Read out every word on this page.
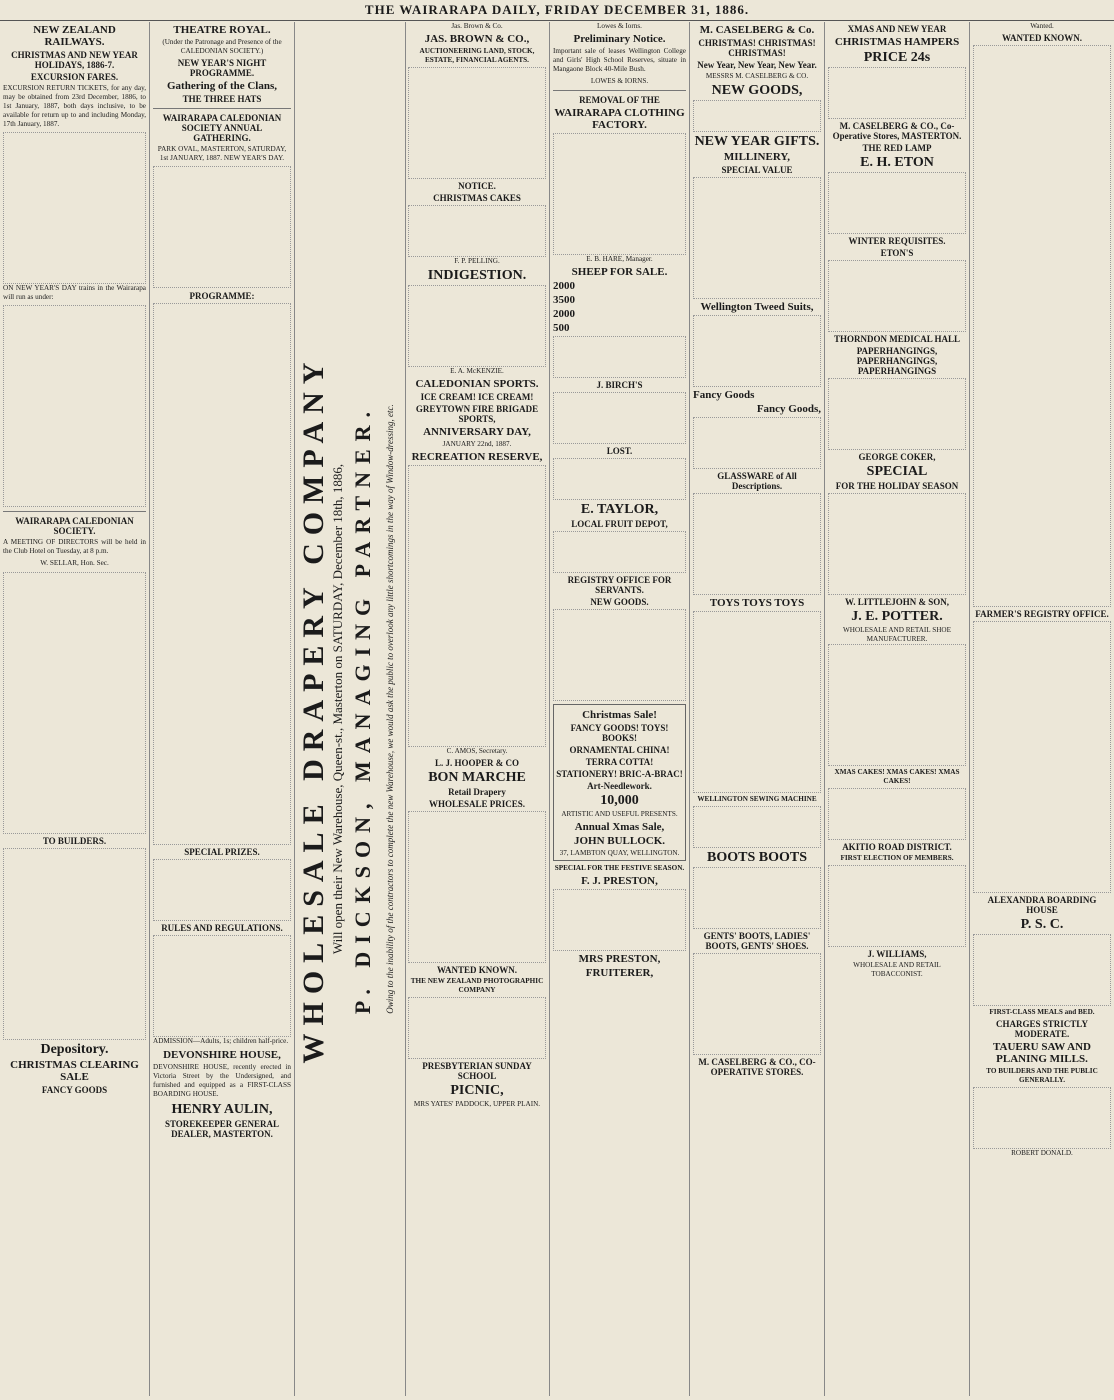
THE WAIRARAPA DAILY, FRIDAY DECEMBER 31, 1886.
NEW ZEALAND RAILWAYS.
CHRISTMAS AND NEW YEAR HOLIDAYS, 1886-7.
EXCURSION FARES.

EXCURSION RETURN TICKETS, for any day, may be obtained from 23rd December, 1886, to 1st January, 1887, both days inclusive, to be available for return up to and including Monday, 17th January, 1887.

ON NEW YEAR'S DAY trains in the Wairarapa will run as under:

WAIRARAPA CALEDONIAN SOCIETY.

A MEETING OF DIRECTORS will be held in the Club Hotel on Tuesday, at 8 p.m.

W. SELLAR, Hon. Sec.
TO BUILDERS.
Depository.
CHRISTMAS CLEARING SALE
FANCY GOODS
THEATRE ROYAL.
(Under the Patronage and Presence of the CALEDONIAN SOCIETY.)
NEW YEAR'S NIGHT PROGRAMME.
Gathering of the Clans,
THE THREE HATS
WAIRARAPA CALEDONIAN SOCIETY ANNUAL GATHERING.
PARK OVAL, MASTERTON, SATURDAY, 1st JANUARY, 1887. NEW YEAR'S DAY.
PROGRAMME:
SPECIAL PRIZES.
RULES AND REGULATIONS.

ADMISSION—Adults, 1s; children half-price.

DEVONSHIRE HOUSE,

DEVONSHIRE HOUSE, recently erected in Victoria Street by the Undersigned, and furnished and equipped as a FIRST-CLASS BOARDING HOUSE.

HENRY AULIN,
STOREKEEPER GENERAL DEALER, MASTERTON.
WHOLESALE DRAPERY COMPANY Will open their New Warehouse, Queen-st., Masterton on SATURDAY, December 18th, 1886, P. DICKSON, MANAGING PARTNER.	Owing to the inability of the contractors to complete the new Warehouse, we would ask the public to overlook any little shortcomings in the way of Window-dressing, etc.
Jas. Brown & Co.
JAS. BROWN & CO.,
AUCTIONEERING LAND, STOCK, ESTATE, FINANCIAL AGENTS.
NOTICE.
CHRISTMAS CAKES
F. P. PELLING.
INDIGESTION.
E. A. McKENZIE.
CALEDONIAN SPORTS.
ICE CREAM! ICE CREAM!
GREYTOWN FIRE BRIGADE SPORTS,
ANNIVERSARY DAY,
JANUARY 22nd, 1887.
RECREATION RESERVE,
C. AMOS, Secretary.
L. J. HOOPER & CO
BON MARCHE
Retail Drapery
WHOLESALE PRICES.
WANTED KNOWN.
THE NEW ZEALAND PHOTOGRAPHIC COMPANY
PRESBYTERIAN SUNDAY SCHOOL
PICNIC,
MRS YATES' PADDOCK, UPPER PLAIN.
Lowes & Iorns.
Preliminary Notice.

Important sale of leases Wellington College and Girls' High School Reserves, situate in Mangaone Block 40-Mile Bush.

LOWES & IORNS.
REMOVAL OF THE
WAIRARAPA CLOTHING FACTORY.
E. B. HARE, Manager.
SHEEP FOR SALE.
2000
3500
2000
500
J. BIRCH'S
LOST.
E. TAYLOR,
LOCAL FRUIT DEPOT,
REGISTRY OFFICE FOR SERVANTS.
NEW GOODS.
Christmas Sale!
FANCY GOODS! TOYS! BOOKS!
ORNAMENTAL CHINA!
TERRA COTTA!
STATIONERY! BRIC-A-BRAC!
Art-Needlework.
10,000
ARTISTIC AND USEFUL PRESENTS.
Annual Xmas Sale,
JOHN BULLOCK.
37, LAMBTON QUAY, WELLINGTON.
SPECIAL FOR THE FESTIVE SEASON.
F. J. PRESTON,
MRS PRESTON,
FRUITERER,
M. CASELBERG & Co.
CHRISTMAS! CHRISTMAS! CHRISTMAS!
New Year, New Year, New Year.
MESSRS M. CASELBERG & CO.
NEW GOODS,
NEW YEAR GIFTS.
MILLINERY,
SPECIAL VALUE
Wellington Tweed Suits,
Fancy Goods
Fancy Goods,
GLASSWARE of All Descriptions.
TOYS TOYS TOYS
WELLINGTON SEWING MACHINE
BOOTS BOOTS
GENTS' BOOTS, LADIES' BOOTS, GENTS' SHOES.
M. CASELBERG & CO., CO-OPERATIVE STORES.
XMAS AND NEW YEAR
CHRISTMAS HAMPERS
PRICE 24s
M. CASELBERG & CO., Co-Operative Stores, MASTERTON.
THE RED LAMP
E. H. ETON
WINTER REQUISITES.
ETON'S
THORNDON MEDICAL HALL
PAPERHANGINGS, PAPERHANGINGS, PAPERHANGINGS
GEORGE COKER,
SPECIAL
FOR THE HOLIDAY SEASON
W. LITTLEJOHN & SON,
J. E. POTTER.
WHOLESALE AND RETAIL SHOE MANUFACTURER.
XMAS CAKES! XMAS CAKES! XMAS CAKES!
AKITIO ROAD DISTRICT.
FIRST ELECTION OF MEMBERS.
J. WILLIAMS,
WHOLESALE AND RETAIL TOBACCONIST.
Wanted.
WANTED KNOWN.
FARMER'S REGISTRY OFFICE.
ALEXANDRA BOARDING HOUSE
P. S. C.
FIRST-CLASS MEALS and BED.
CHARGES STRICTLY MODERATE.
TAUERU SAW AND PLANING MILLS.
TO BUILDERS AND THE PUBLIC GENERALLY.
ROBERT DONALD.
